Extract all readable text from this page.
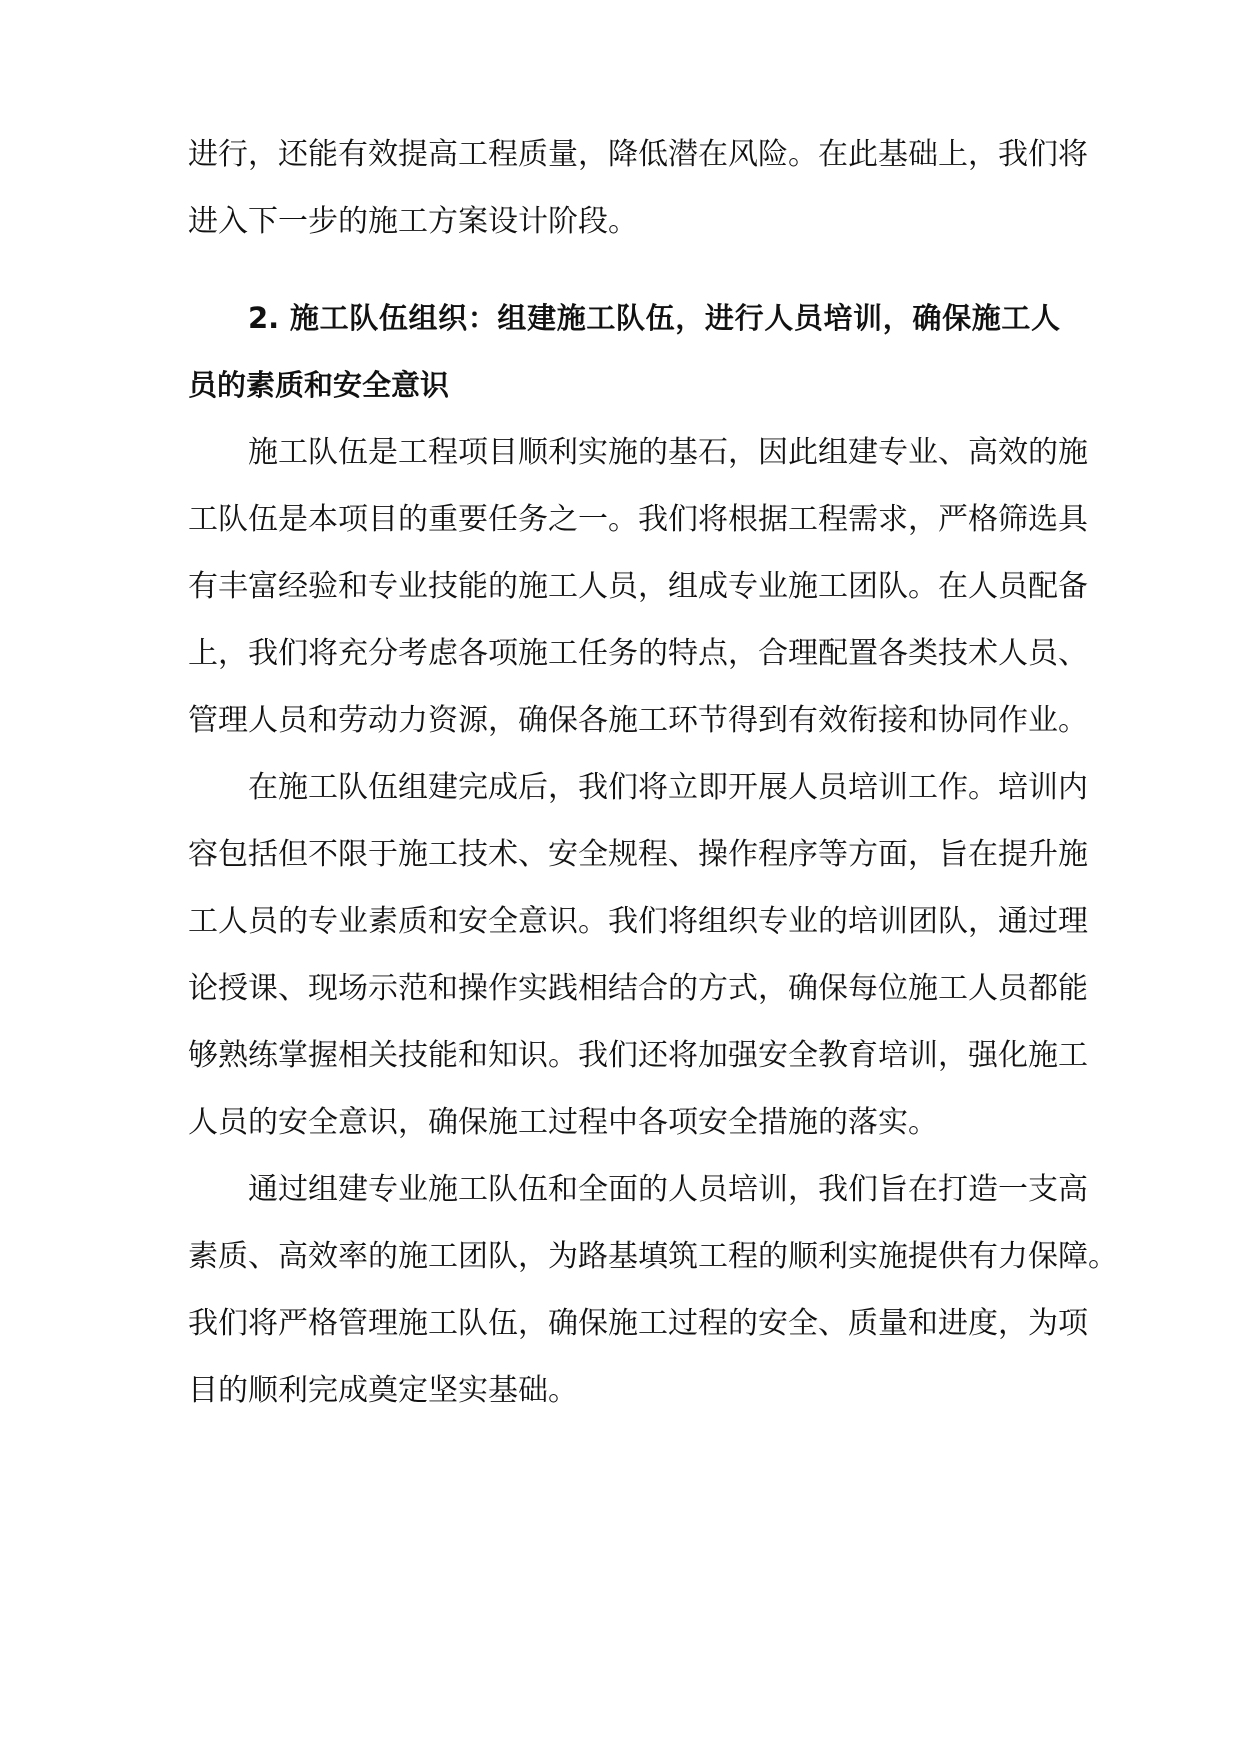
进行，还能有效提高工程质量，降低潜在风险。在此基础上，我们将

进入下一步的施工方案设计阶段。

2. 施工队伍组织：组建施工队伍，进行人员培训，确保施工人

员的素质和安全意识

施工队伍是工程项目顺利实施的基石，因此组建专业、高效的施

工队伍是本项目的重要任务之一。我们将根据工程需求，严格筛选具

有丰富经验和专业技能的施工人员，组成专业施工团队。在人员配备

上，我们将充分考虑各项施工任务的特点，合理配置各类技术人员、

管理人员和劳动力资源，确保各施工环节得到有效衔接和协同作业。

在施工队伍组建完成后，我们将立即开展人员培训工作。培训内

容包括但不限于施工技术、安全规程、操作程序等方面，旨在提升施

工人员的专业素质和安全意识。我们将组织专业的培训团队，通过理

论授课、现场示范和操作实践相结合的方式，确保每位施工人员都能

够熟练掌握相关技能和知识。我们还将加强安全教育培训，强化施工

人员的安全意识，确保施工过程中各项安全措施的落实。

通过组建专业施工队伍和全面的人员培训，我们旨在打造一支高

素质、高效率的施工团队，为路基填筑工程的顺利实施提供有力保障。

我们将严格管理施工队伍，确保施工过程的安全、质量和进度，为项

目的顺利完成奠定坚实基础。
